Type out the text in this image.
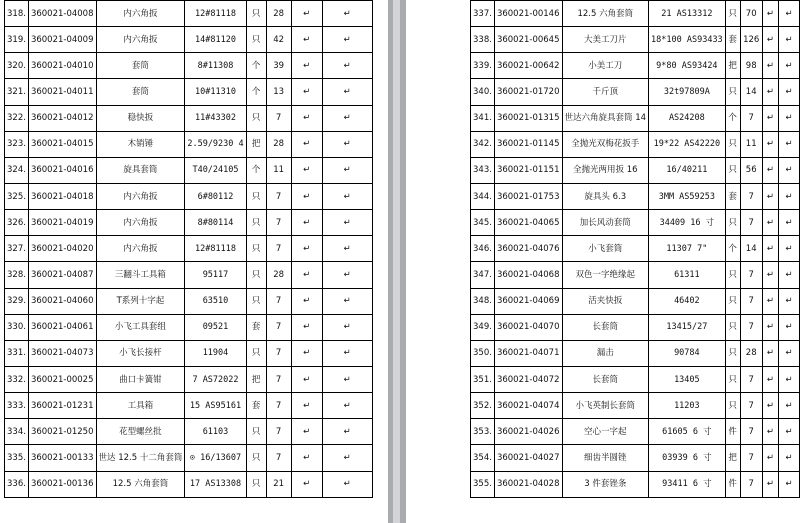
318.	360021-04008	内六角扳	12#81118	只	28	↵	↵
319.	360021-04009	内六角扳	14#81120	只	42	↵	↵
320.	360021-04010	套筒	8#11308	个	39	↵	↵
321.	360021-04011	套筒	10#11310	个	13	↵	↵
322.	360021-04012	稳快扳	11#43302	只	7	↵	↵
323.	360021-04015	木销锤	2.59/9230 4	把	28	↵	↵
324.	360021-04016	旋具套筒	T40/24105	个	11	↵	↵
325.	360021-04018	内六角扳	6#80112	只	7	↵	↵
326.	360021-04019	内六角扳	8#80114	只	7	↵	↵
327.	360021-04020	内六角扳	12#81118	只	7	↵	↵
328.	360021-04087	三翻斗工具箱	95117	只	28	↵	↵
329.	360021-04060	T系列十字起	63510	只	7	↵	↵
330.	360021-04061	小飞工具套组	09521	套	7	↵	↵
331.	360021-04073	小飞长接杆	11904	只	7	↵	↵
332.	360021-00025	曲口卡簧钳	7 AS72022	把	7	↵	↵
333.	360021-01231	工具箱	15 AS95161	套	7	↵	↵
334.	360021-01250	花型螺丝批	61103	只	7	↵	↵
335.	360021-00133	世达 12.5 十二角套筒	⊙ 16/13607	只	7	↵	↵
336.	360021-00136	12.5 六角套筒	17 AS13308	只	21	↵	↵
337.	360021-00146	12.5 六角套筒	21 AS13312	只	70	↵	↵
338.	360021-00645	大美工刀片	18*100 AS93433	套	126	↵	↵
339.	360021-00642	小美工刀	9*80 AS93424	把	98	↵	↵
340.	360021-01720	千斤顶	32t97809A	只	14	↵	↵
341.	360021-01315	世达六角旋具套筒 14	AS24208	个	7	↵	↵
342.	360021-01145	全抛光双梅花扳手	19*22 AS42220	只	11	↵	↵
343.	360021-01151	全抛光两用扳 16	16/40211	只	56	↵	↵
344.	360021-01753	旋具头 6.3	3MM AS59253	套	7	↵	↵
345.	360021-04065	加长风动套筒	34409 16 寸	只	7	↵	↵
346.	360021-04076	小飞套筒	11307 7"	个	14	↵	↵
347.	360021-04068	双色一字绝缘起	61311	只	7	↵	↵
348.	360021-04069	活夹快扳	46402	只	7	↵	↵
349.	360021-04070	长套筒	13415/27	只	7	↵	↵
350.	360021-04071	漏击	90784	只	28	↵	↵
351.	360021-04072	长套筒	13405	只	7	↵	↵
352.	360021-04074	小飞英制长套筒	11203	只	7	↵	↵
353.	360021-04026	空心一字起	61605 6 寸	件	7	↵	↵
354.	360021-04027	细齿半圆锉	03939 6 寸	把	7	↵	↵
355.	360021-04028	3 件套锉条	93411 6 寸	件	7	↵	↵
